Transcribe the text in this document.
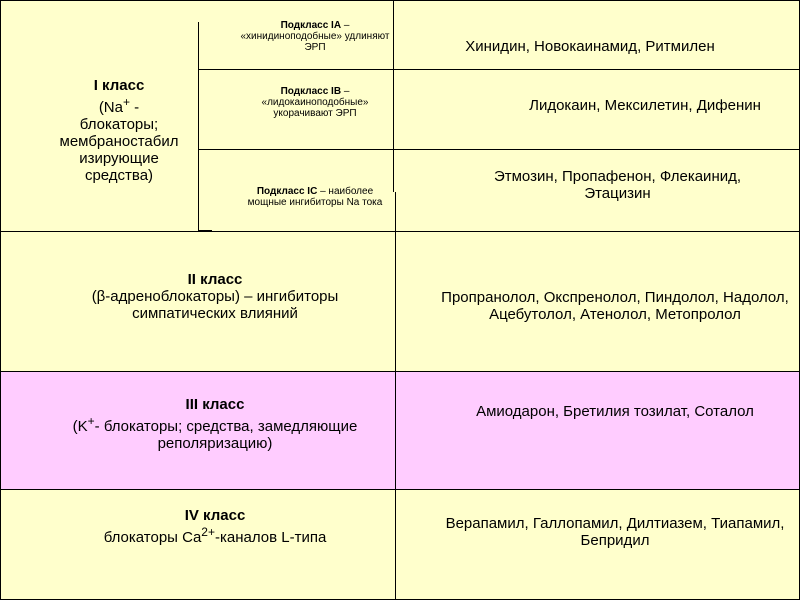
I класс
(Na+ -
блокаторы; мембраностабил изирующие средства)
Подкласс IA – «хинидиноподобные» удлиняют ЭРП	Хинидин, Новокаинамид, Ритмилен
Подкласс IB – «лидокаиноподобные» укорачивают ЭРП	Лидокаин, Мексилетин, Дифенин
Подкласс IC – наиболее мощные ингибиторы Na тока
Этмозин, Пропафенон, Флекаинид, Этацизин
II класс
(β-адреноблокаторы) – ингибиторы симпатических влияний
Пропранолол, Окспренолол, Пиндолол, Надолол, Ацебутолол, Атенолол, Метопролол
III класс
(K+- блокаторы; средства, замедляющие реполяризацию)
Амиодарон, Бретилия тозилат, Соталол
IV класс
блокаторы $Ca^{2+}$-каналов L-типа
Верапамил, Галлопамил, Дилтиазем, Тиапамил, Бепридил
